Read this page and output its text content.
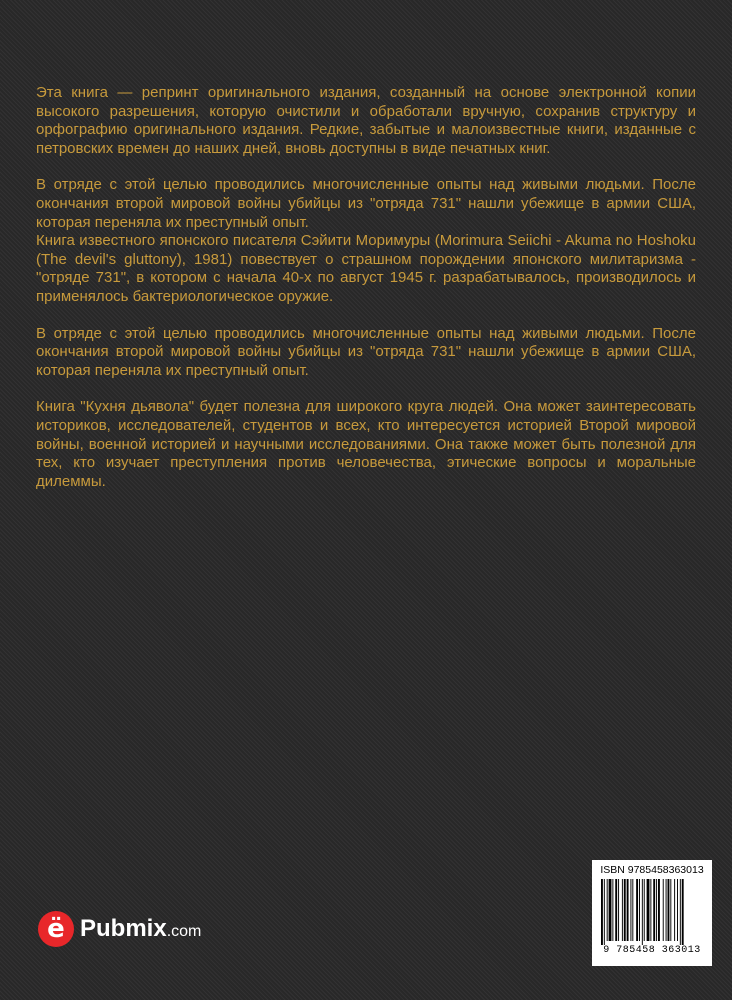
Эта книга — репринт оригинального издания, созданный на основе электронной копии высокого разрешения, которую очистили и обработали вручную, сохранив структуру и орфографию оригинального издания. Редкие, забытые и малоизвестные книги, изданные с петровских времен до наших дней, вновь доступны в виде печатных книг.

В отряде с этой целью проводились многочисленные опыты над живыми людьми. После окончания второй мировой войны убийцы из "отряда 731" нашли убежище в армии США, которая переняла их преступный опыт.
Книга известного японского писателя Сэйити Моримуры (Morimura Seiichi - Akuma no Hoshoku (The devil's gluttony), 1981) повествует о страшном порождении японского милитаризма - "отряде 731", в котором с начала 40-х по август 1945 г. разрабатывалось, производилось и применялось бактериологическое оружие.

В отряде с этой целью проводились многочисленные опыты над живыми людьми. После окончания второй мировой войны убийцы из "отряда 731" нашли убежище в армии США, которая переняла их преступный опыт.

Книга "Кухня дьявола" будет полезна для широкого круга людей. Она может заинтересовать историков, исследователей, студентов и всех, кто интересуется историей Второй мировой войны, военной историей и научными исследованиями. Она также может быть полезной для тех, кто изучает преступления против человечества, этические вопросы и моральные дилеммы.

ISBN 9785458363013
9 785458 363013
ё Pubmix .com
